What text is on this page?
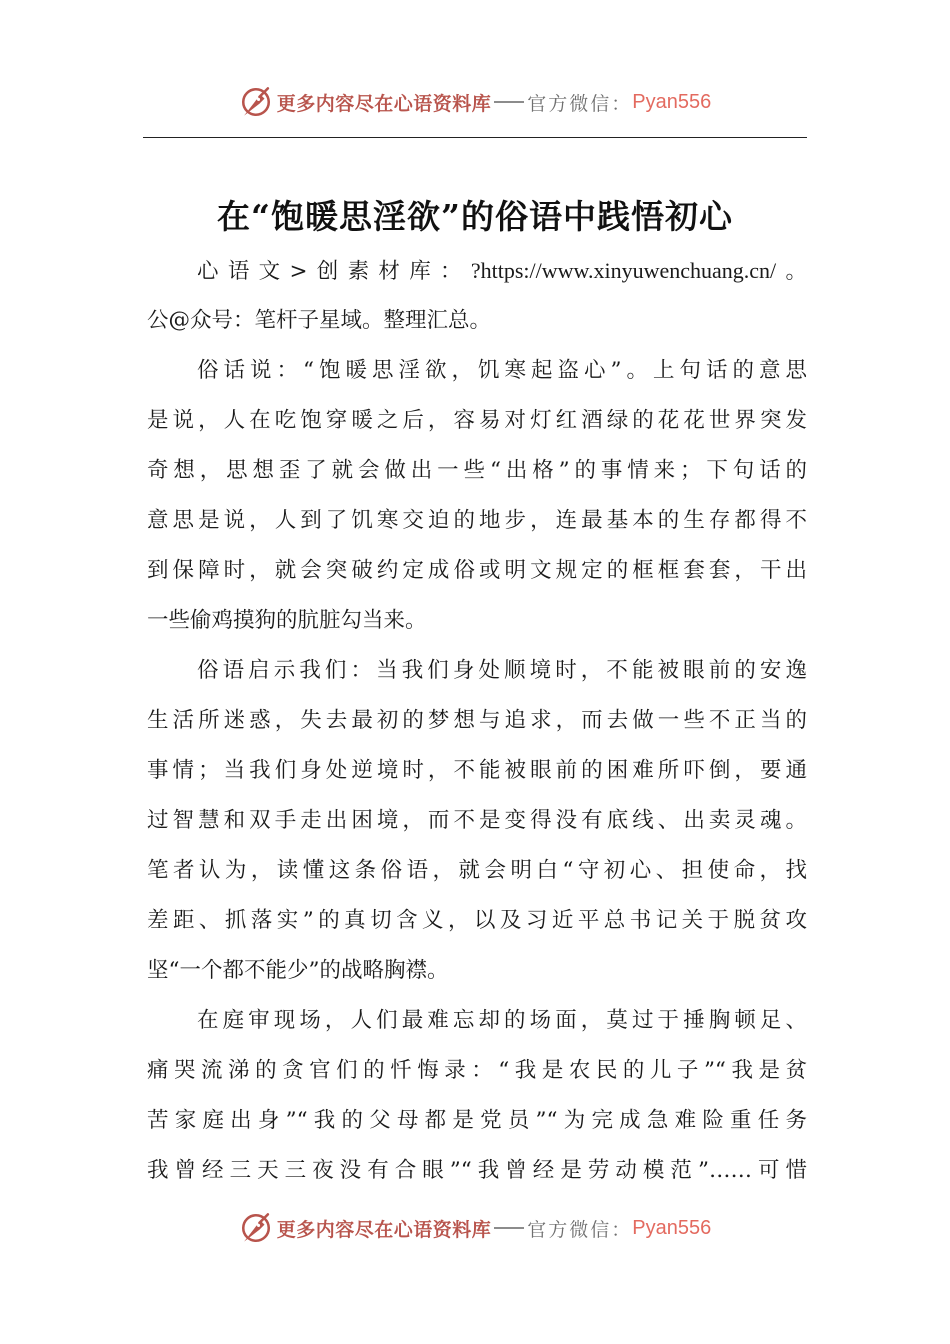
更多内容尽在心语资料库 官方微信： Pyan556
在“饱暖思淫欲”的俗语中践悟初心
心语文>创素材库：?https://www.xinyuwenchuang.cn/。
公@众号：笔杆子星域。整理汇总。
俗话说：“饱暖思淫欲，饥寒起盗心”。上句话的意思
是说，人在吃饱穿暖之后，容易对灯红酒绿的花花世界突发
奇想，思想歪了就会做出一些“出格”的事情来；下句话的
意思是说，人到了饥寒交迫的地步，连最基本的生存都得不
到保障时，就会突破约定成俗或明文规定的框框套套，干出
一些偷鸡摸狗的肮脏勾当来。
俗语启示我们：当我们身处顺境时，不能被眼前的安逸
生活所迷惑，失去最初的梦想与追求，而去做一些不正当的
事情；当我们身处逆境时，不能被眼前的困难所吓倒，要通
过智慧和双手走出困境，而不是变得没有底线、出卖灵魂。
笔者认为，读懂这条俗语，就会明白“守初心、担使命，找
差距、抓落实”的真切含义，以及习近平总书记关于脱贫攻
坚“一个都不能少”的战略胸襟。
在庭审现场，人们最难忘却的场面，莫过于捶胸顿足、
痛哭流涕的贪官们的忏悔录：“我是农民的儿子”“我是贫
苦家庭出身”“我的父母都是党员”“为完成急难险重任务
我曾经三天三夜没有合眼”“我曾经是劳动模范”……可惜
更多内容尽在心语资料库 官方微信： Pyan556
